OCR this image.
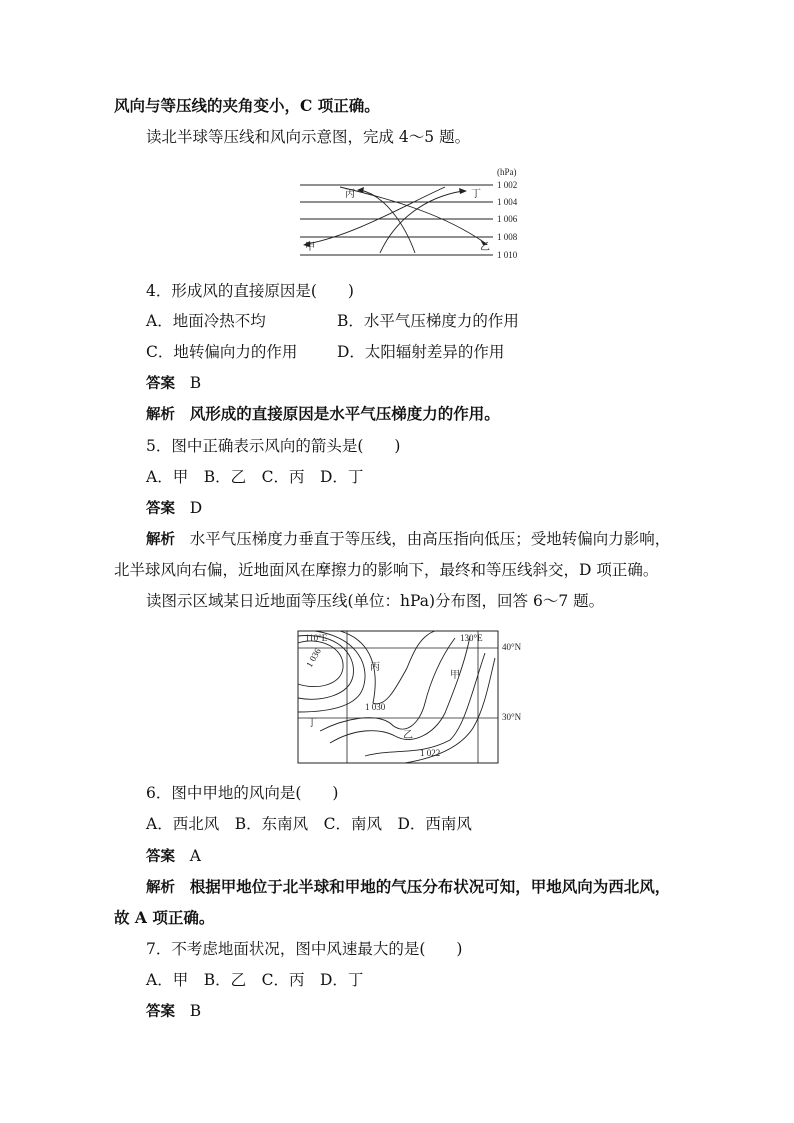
风向与等压线的夹角变小，C 项正确。
读北半球等压线和风向示意图，完成 4～5 题。
(hPa)
丙	丁
甲	乙
1 002
1 004
1 006
1 008
1 010
4．形成风的直接原因是(　　)
A．地面冷热不均	B．水平气压梯度力的作用
C．地转偏向力的作用	D．太阳辐射差异的作用
答案 B
解析 风形成的直接原因是水平气压梯度力的作用。
5．图中正确表示风向的箭头是(　　)
A．甲　B．乙　C．丙　D．丁
答案 D
解析 水平气压梯度力垂直于等压线，由高压指向低压；受地转偏向力影响，
北半球风向右偏，近地面风在摩擦力的影响下，最终和等压线斜交，D 项正确。
读图示区域某日近地面等压线(单位：hPa)分布图，回答 6～7 题。
110°E	130°E
40°N
30°N
1 036
1 030
1 022
丙
甲
乙
丁
6．图中甲地的风向是(　　)
A．西北风　B．东南风　C．南风　D．西南风
答案 A
解析 根据甲地位于北半球和甲地的气压分布状况可知，甲地风向为西北风，
故 A 项正确。
7．不考虑地面状况，图中风速最大的是(　　)
A．甲　B．乙　C．丙　D．丁
答案 B
